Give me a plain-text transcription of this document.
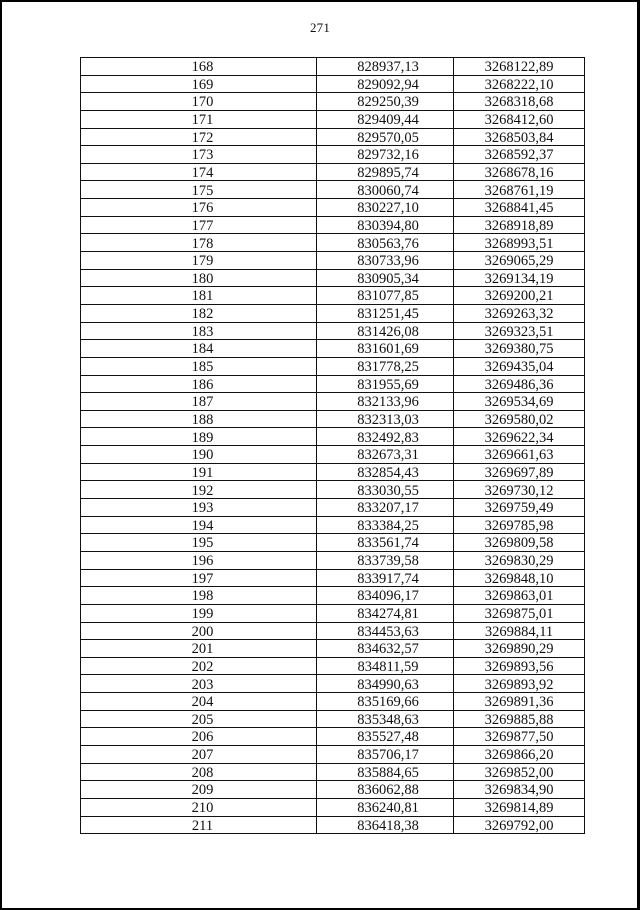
271
168	828937,13	3268122,89
169	829092,94	3268222,10
170	829250,39	3268318,68
171	829409,44	3268412,60
172	829570,05	3268503,84
173	829732,16	3268592,37
174	829895,74	3268678,16
175	830060,74	3268761,19
176	830227,10	3268841,45
177	830394,80	3268918,89
178	830563,76	3268993,51
179	830733,96	3269065,29
180	830905,34	3269134,19
181	831077,85	3269200,21
182	831251,45	3269263,32
183	831426,08	3269323,51
184	831601,69	3269380,75
185	831778,25	3269435,04
186	831955,69	3269486,36
187	832133,96	3269534,69
188	832313,03	3269580,02
189	832492,83	3269622,34
190	832673,31	3269661,63
191	832854,43	3269697,89
192	833030,55	3269730,12
193	833207,17	3269759,49
194	833384,25	3269785,98
195	833561,74	3269809,58
196	833739,58	3269830,29
197	833917,74	3269848,10
198	834096,17	3269863,01
199	834274,81	3269875,01
200	834453,63	3269884,11
201	834632,57	3269890,29
202	834811,59	3269893,56
203	834990,63	3269893,92
204	835169,66	3269891,36
205	835348,63	3269885,88
206	835527,48	3269877,50
207	835706,17	3269866,20
208	835884,65	3269852,00
209	836062,88	3269834,90
210	836240,81	3269814,89
211	836418,38	3269792,00
